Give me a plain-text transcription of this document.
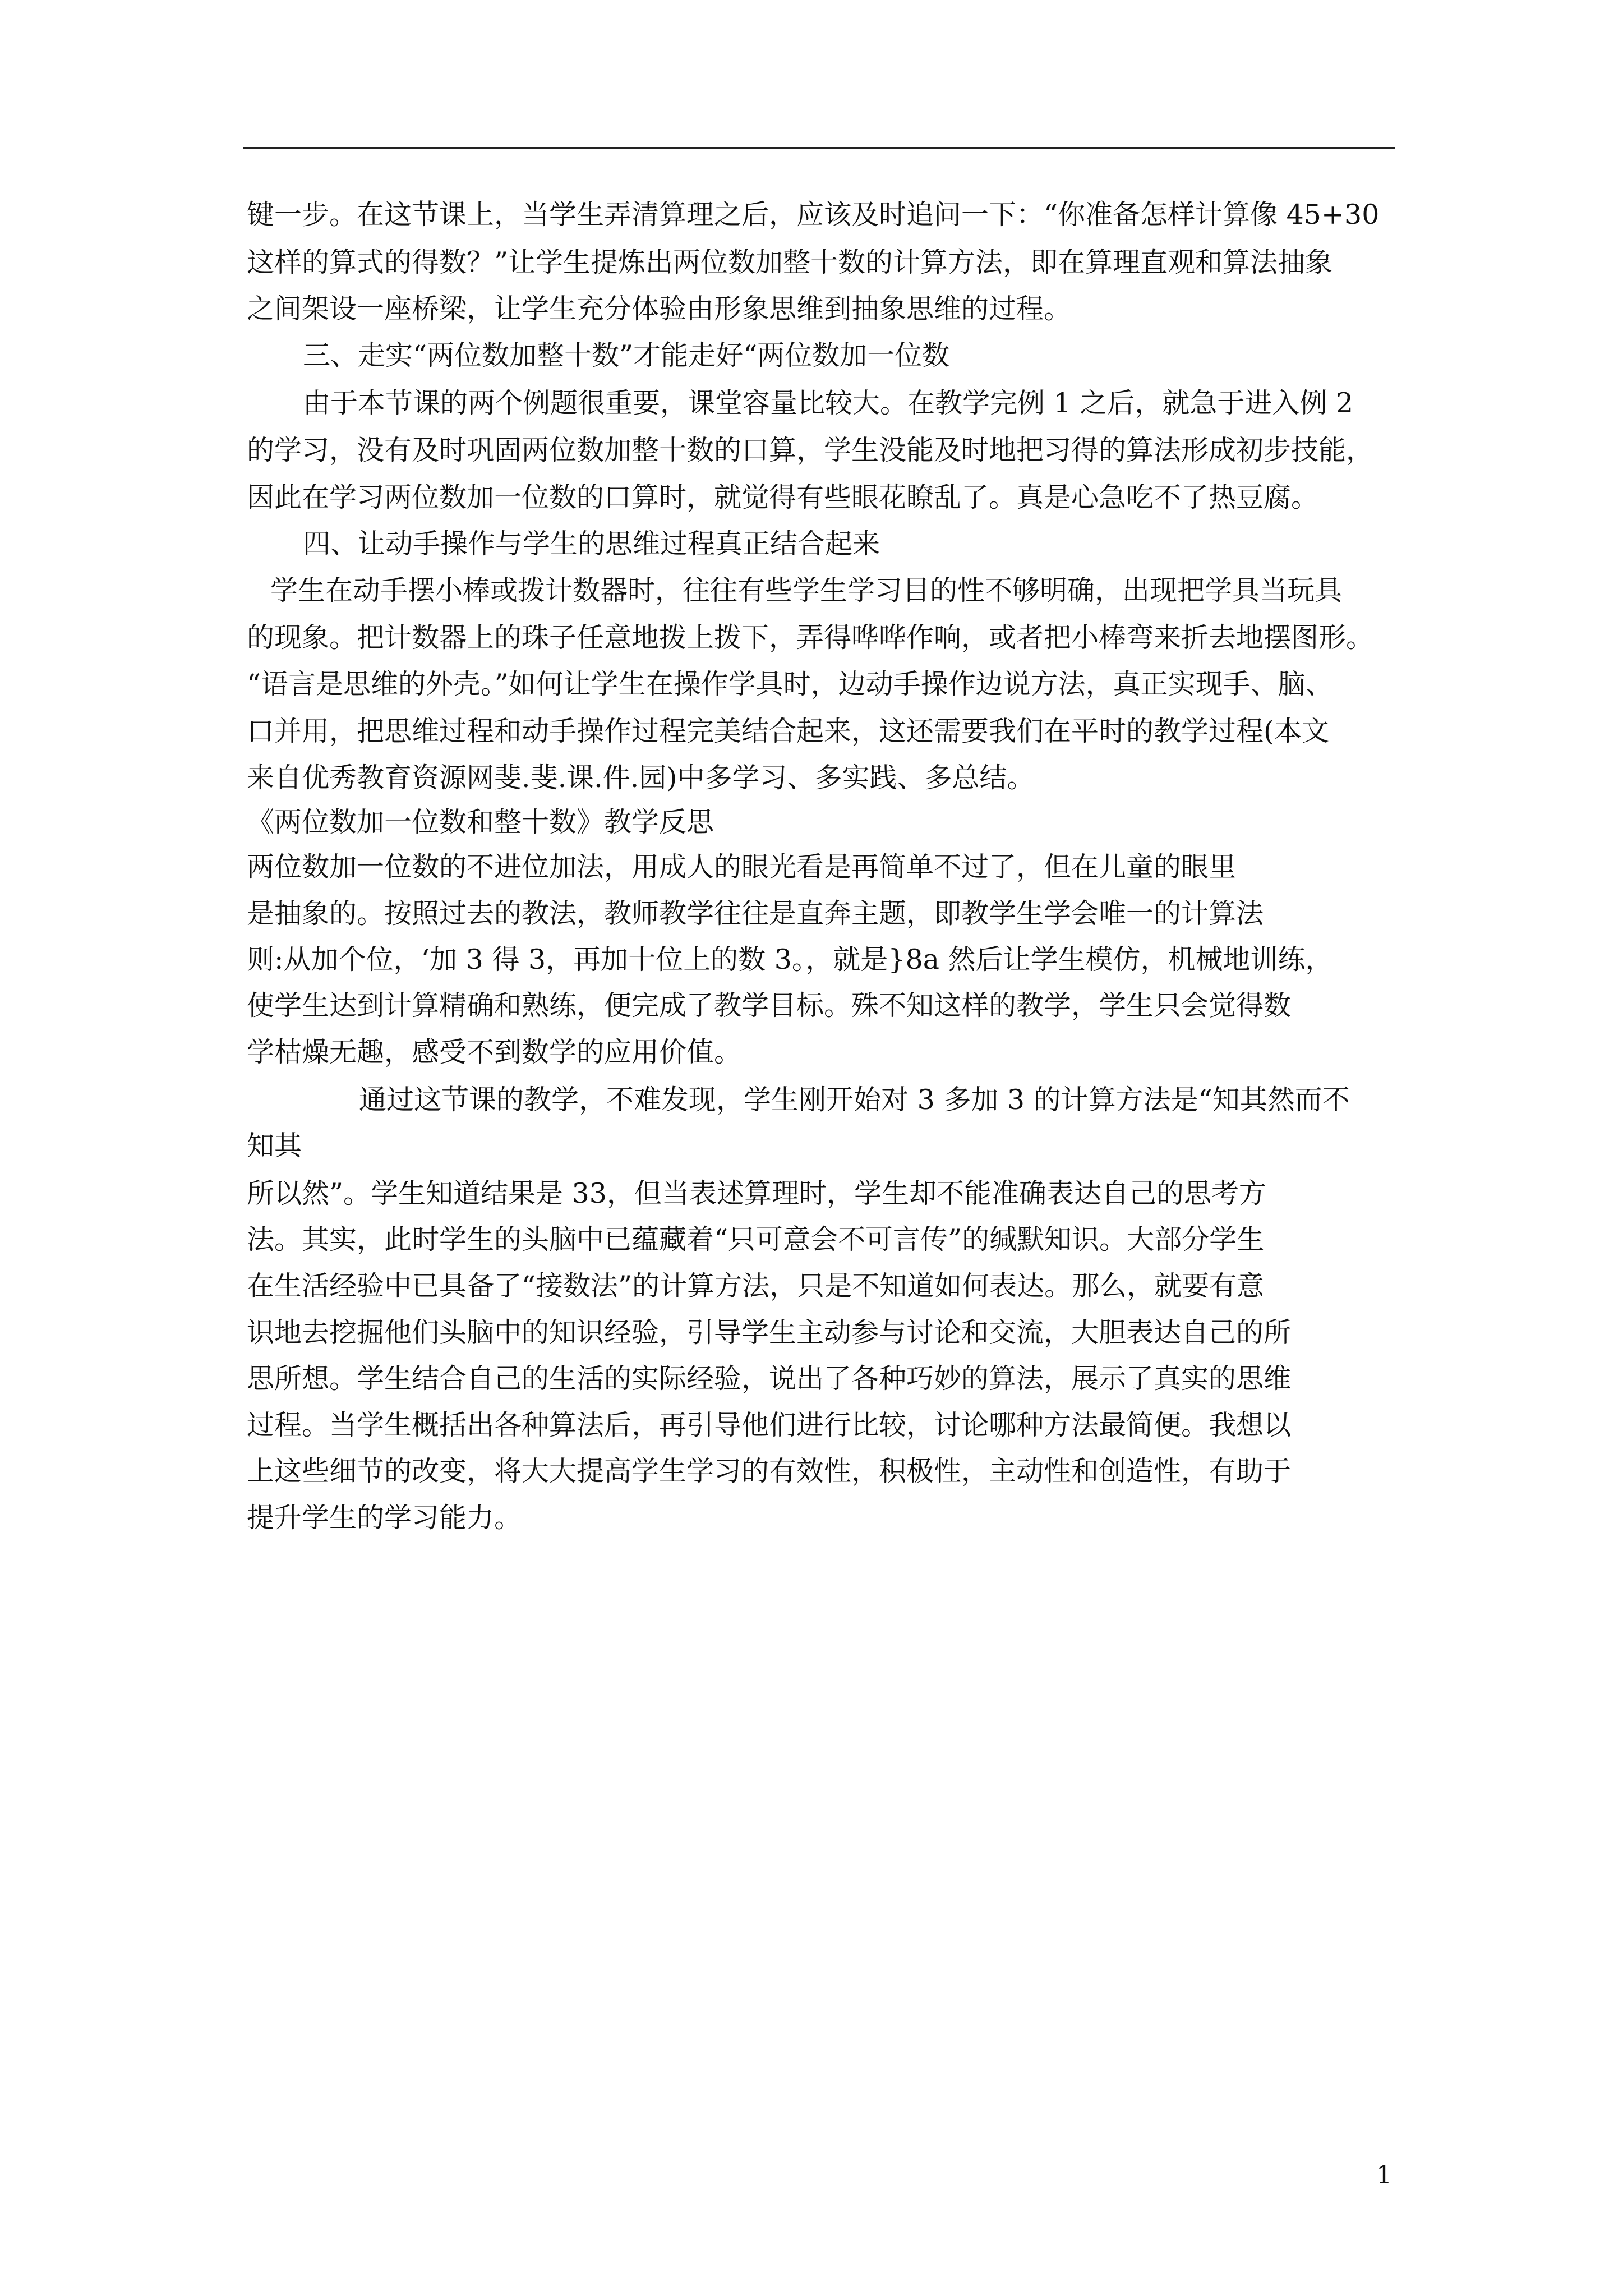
键一步。在这节课上，当学生弄清算理之后，应该及时追问一下：“你准备怎样计算像 45+30
这样的算式的得数？”让学生提炼出两位数加整十数的计算方法，即在算理直观和算法抽象
之间架设一座桥梁，让学生充分体验由形象思维到抽象思维的过程。
三、走实“两位数加整十数”才能走好“两位数加一位数
由于本节课的两个例题很重要，课堂容量比较大。在教学完例 1 之后，就急于进入例 2
的学习，没有及时巩固两位数加整十数的口算，学生没能及时地把习得的算法形成初步技能，
因此在学习两位数加一位数的口算时，就觉得有些眼花瞭乱了。真是心急吃不了热豆腐。
四、让动手操作与学生的思维过程真正结合起来
学生在动手摆小棒或拨计数器时，往往有些学生学习目的性不够明确，出现把学具当玩具
的现象。把计数器上的珠子任意地拨上拨下，弄得哗哗作响，或者把小棒弯来折去地摆图形。
“语言是思维的外壳。”如何让学生在操作学具时，边动手操作边说方法，真正实现手、脑、
口并用，把思维过程和动手操作过程完美结合起来，这还需要我们在平时的教学过程(本文
来自优秀教育资源网斐.斐.课.件.园)中多学习、多实践、多总结。
《两位数加一位数和整十数》教学反思
两位数加一位数的不进位加法，用成人的眼光看是再简单不过了，但在儿童的眼里
是抽象的。按照过去的教法，教师教学往往是直奔主题，即教学生学会唯一的计算法
则:从加个位，‘加 3 得 3，再加十位上的数 3。，就是}8a 然后让学生模仿，机械地训练，
使学生达到计算精确和熟练，便完成了教学目标。殊不知这样的教学，学生只会觉得数
学枯燥无趣，感受不到数学的应用价值。
通过这节课的教学，不难发现，学生刚开始对 3 多加 3 的计算方法是“知其然而不
知其
所以然”。学生知道结果是 33，但当表述算理时，学生却不能准确表达自己的思考方
法。其实，此时学生的头脑中已蕴藏着“只可意会不可言传”的缄默知识。大部分学生
在生活经验中已具备了“接数法”的计算方法，只是不知道如何表达。那么，就要有意
识地去挖掘他们头脑中的知识经验，引导学生主动参与讨论和交流，大胆表达自己的所
思所想。学生结合自己的生活的实际经验，说出了各种巧妙的算法，展示了真实的思维
过程。当学生概括出各种算法后，再引导他们进行比较，讨论哪种方法最简便。我想以
上这些细节的改变，将大大提高学生学习的有效性，积极性，主动性和创造性，有助于
提升学生的学习能力。
1
